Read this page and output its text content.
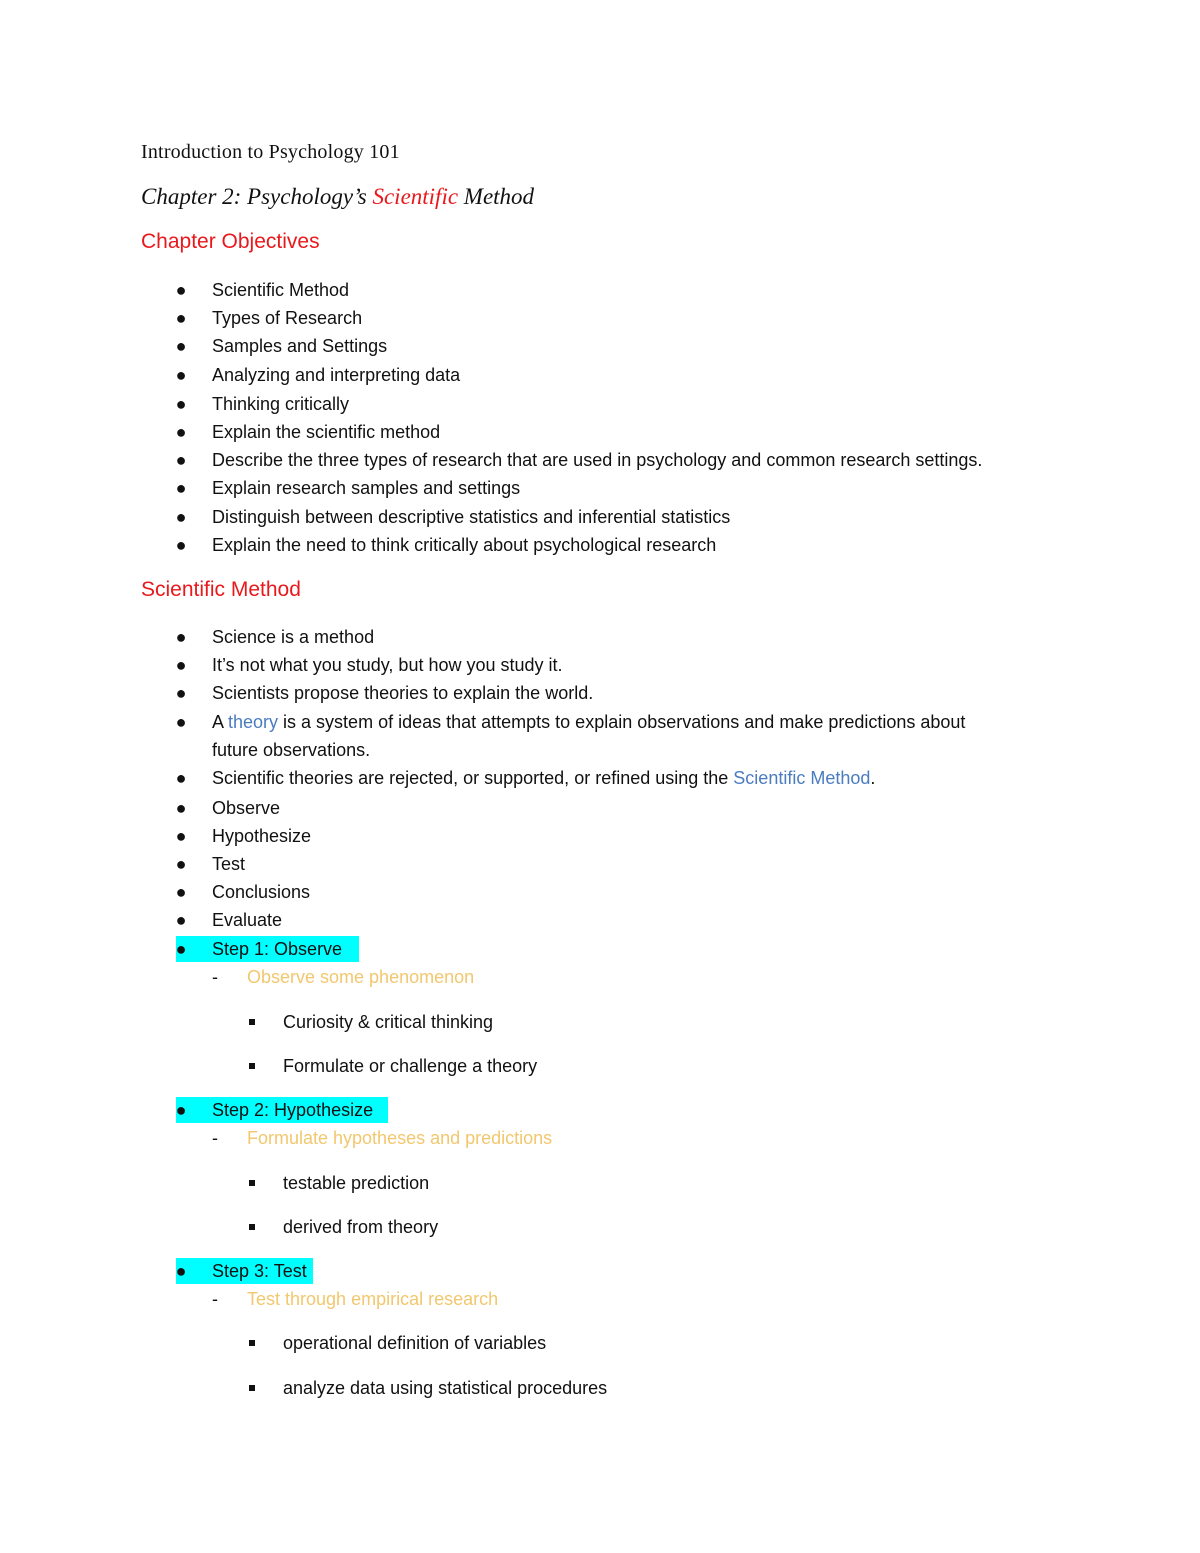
Introduction to Psychology 101
Chapter 2: Psychology’s Scientific Method
Chapter Objectives
● Scientific Method
● Types of Research
● Samples and Settings
● Analyzing and interpreting data
● Thinking critically
● Explain the scientific method
● Describe the three types of research that are used in psychology and common research settings.
● Explain research samples and settings
● Distinguish between descriptive statistics and inferential statistics
● Explain the need to think critically about psychological research
Scientific Method
● Science is a method
● It’s not what you study, but how you study it.
● Scientists propose theories to explain the world.
● A theory is a system of ideas that attempts to explain observations and make predictions about
future observations.
● Scientific theories are rejected, or supported, or refined using the Scientific Method.
● Observe
● Hypothesize
● Test
● Conclusions
● Evaluate
● Step 1: Observe
- Observe some phenomenon
Curiosity & critical thinking
Formulate or challenge a theory
● Step 2: Hypothesize
- Formulate hypotheses and predictions
testable prediction
derived from theory
● Step 3: Test
- Test through empirical research
operational definition of variables
analyze data using statistical procedures
